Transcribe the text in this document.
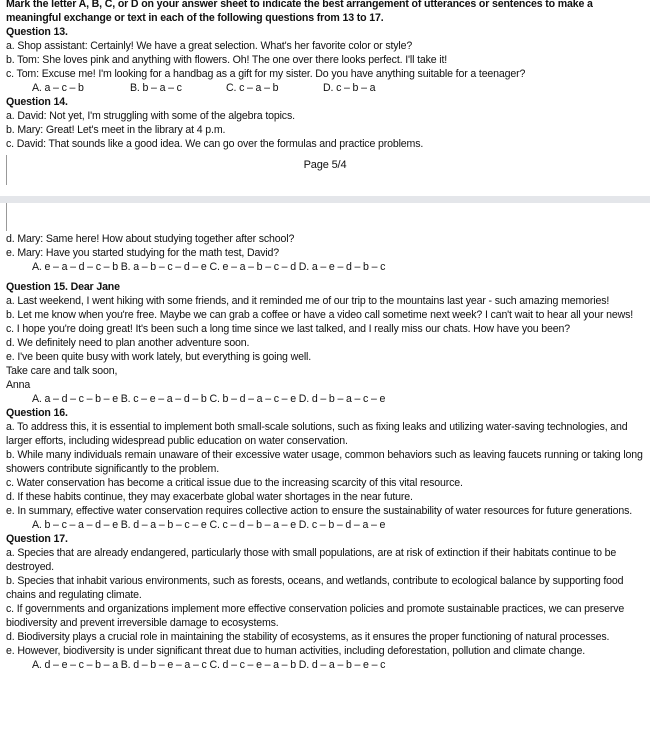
Mark the letter A, B, C, or D on your answer sheet to indicate the best arrangement of utterances or sentences to make a
meaningful exchange or text in each of the following questions from 13 to 17.
Question 13.
a. Shop assistant: Certainly! We have a great selection. What's her favorite color or style?
b. Tom: She loves pink and anything with flowers. Oh! The one over there looks perfect. I'll take it!
c. Tom: Excuse me! I'm looking for a handbag as a gift for my sister. Do you have anything suitable for a teenager?
A. a – c – b	B. b – a – c	C. c – a – b	D. c – b – a
Question 14.
a. David: Not yet, I'm struggling with some of the algebra topics.
b. Mary: Great! Let's meet in the library at 4 p.m.
c. David: That sounds like a good idea. We can go over the formulas and practice problems.
Page 5/4
d. Mary: Same here! How about studying together after school?
e. Mary: Have you started studying for the math test, David?
A. e – a – d – c – b B. a – b – c – d – e C. e – a – b – c – d D. a – e – d – b – c
Question 15. Dear Jane
a. Last weekend, I went hiking with some friends, and it reminded me of our trip to the mountains last year - such amazing memories!
b. Let me know when you're free. Maybe we can grab a coffee or have a video call sometime next week? I can't wait to hear all your news!
c. I hope you're doing great! It's been such a long time since we last talked, and I really miss our chats. How have you been?
d. We definitely need to plan another adventure soon.
e. I've been quite busy with work lately, but everything is going well.
Take care and talk soon,
Anna
A. a – d – c – b – e B. c – e – a – d – b C. b – d – a – c – e D. d – b – a – c – e
Question 16.
a. To address this, it is essential to implement both small-scale solutions, such as fixing leaks and utilizing water-saving technologies, and larger efforts, including widespread public education on water conservation.
b. While many individuals remain unaware of their excessive water usage, common behaviors such as leaving faucets running or taking long showers contribute significantly to the problem.
c. Water conservation has become a critical issue due to the increasing scarcity of this vital resource.
d. If these habits continue, they may exacerbate global water shortages in the near future.
e. In summary, effective water conservation requires collective action to ensure the sustainability of water resources for future generations.
A. b – c – a – d – e B. d – a – b – c – e C. c – d – b – a – e D. c – b – d – a – e
Question 17.
a. Species that are already endangered, particularly those with small populations, are at risk of extinction if their habitats continue to be destroyed.
b. Species that inhabit various environments, such as forests, oceans, and wetlands, contribute to ecological balance by supporting food chains and regulating climate.
c. If governments and organizations implement more effective conservation policies and promote sustainable practices, we can preserve biodiversity and prevent irreversible damage to ecosystems.
d. Biodiversity plays a crucial role in maintaining the stability of ecosystems, as it ensures the proper functioning of natural processes.
e. However, biodiversity is under significant threat due to human activities, including deforestation, pollution and climate change.
A. d – e – c – b – a B. d – b – e – a – c C. d – c – e – a – b D. d – a – b – e – c
